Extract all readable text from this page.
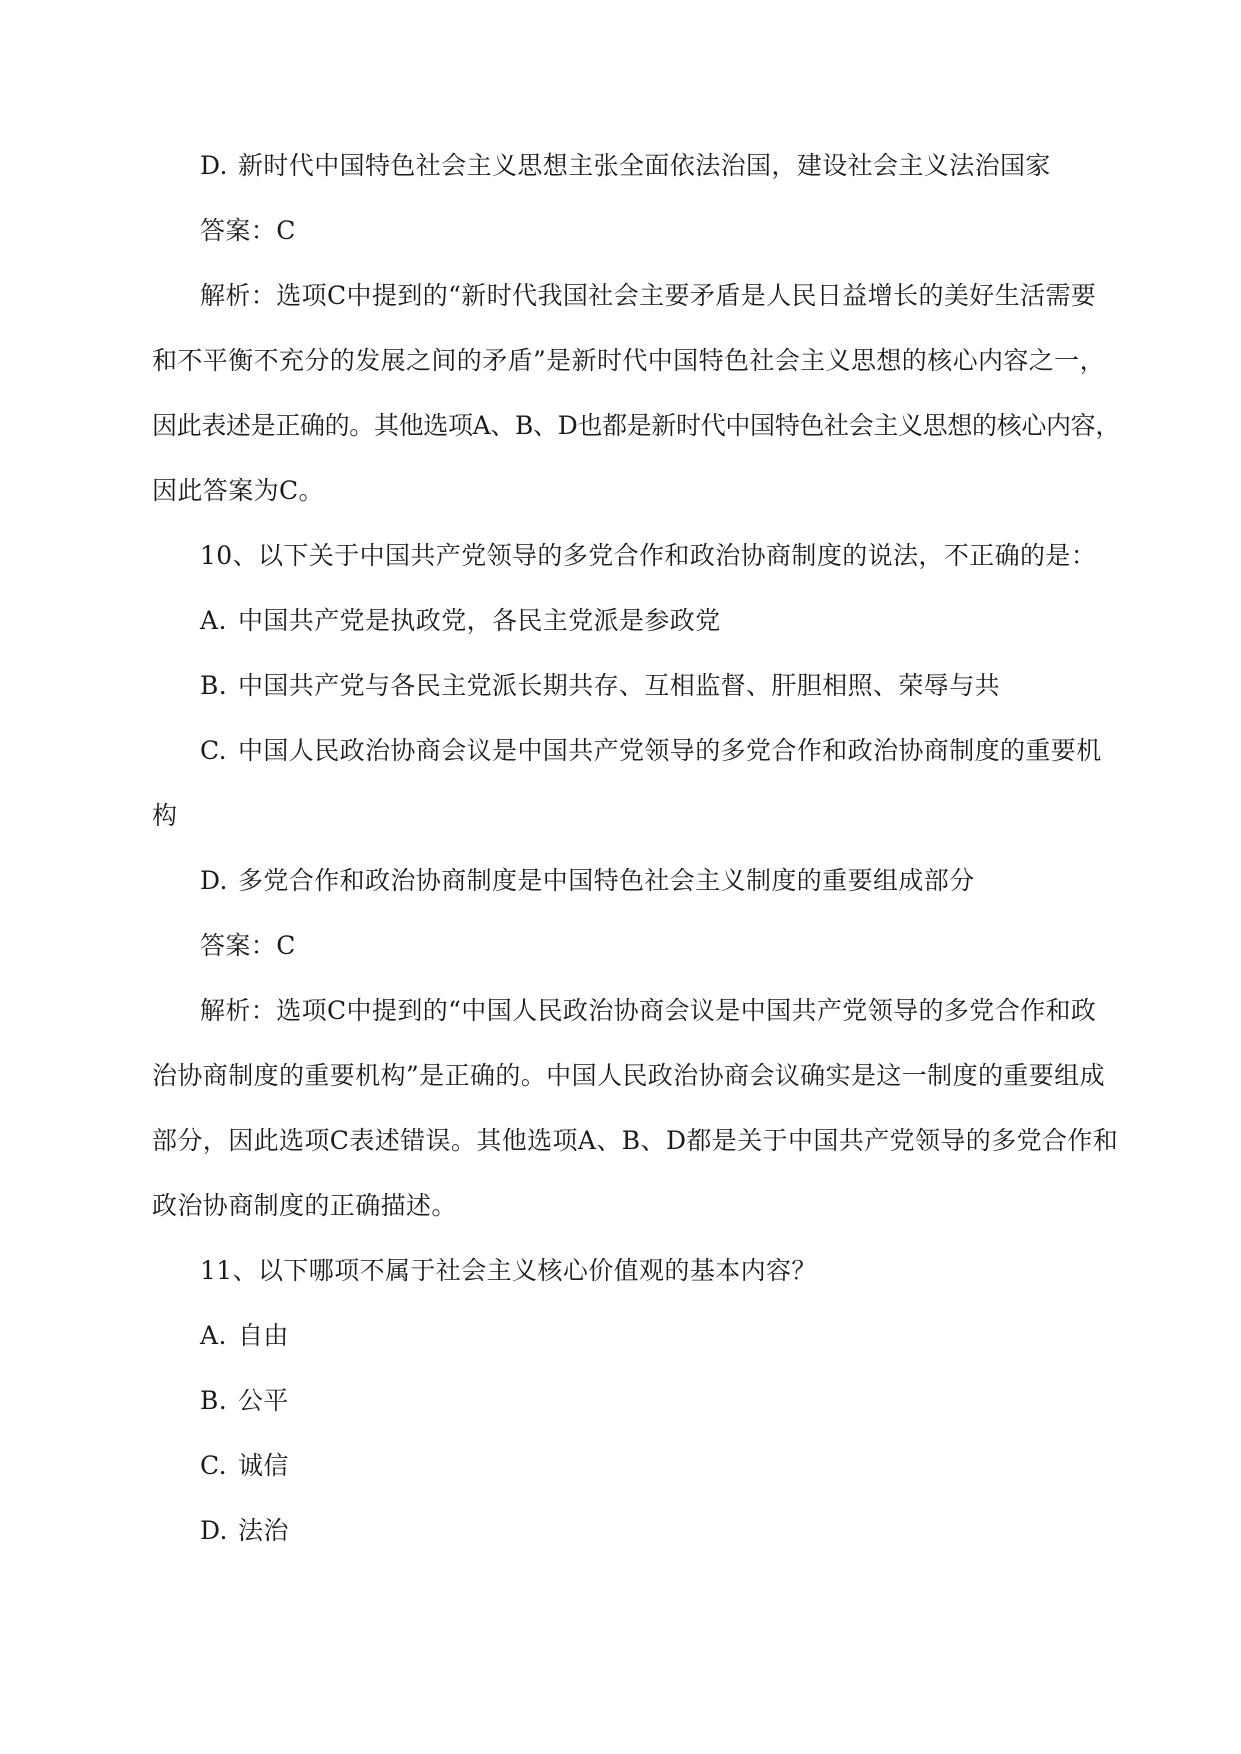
D. 新时代中国特色社会主义思想主张全面依法治国，建设社会主义法治国家
答案：C
解析：选项C中提到的“新时代我国社会主要矛盾是人民日益增长的美好生活需要
和不平衡不充分的发展之间的矛盾”是新时代中国特色社会主义思想的核心内容之一，
因此表述是正确的。其他选项A、B、D也都是新时代中国特色社会主义思想的核心内容，
因此答案为C。
10、以下关于中国共产党领导的多党合作和政治协商制度的说法，不正确的是：
A. 中国共产党是执政党，各民主党派是参政党
B. 中国共产党与各民主党派长期共存、互相监督、肝胆相照、荣辱与共
C. 中国人民政治协商会议是中国共产党领导的多党合作和政治协商制度的重要机
构
D. 多党合作和政治协商制度是中国特色社会主义制度的重要组成部分
答案：C
解析：选项C中提到的“中国人民政治协商会议是中国共产党领导的多党合作和政
治协商制度的重要机构”是正确的。中国人民政治协商会议确实是这一制度的重要组成
部分，因此选项C表述错误。其他选项A、B、D都是关于中国共产党领导的多党合作和
政治协商制度的正确描述。
11、以下哪项不属于社会主义核心价值观的基本内容？
A. 自由
B. 公平
C. 诚信
D. 法治
